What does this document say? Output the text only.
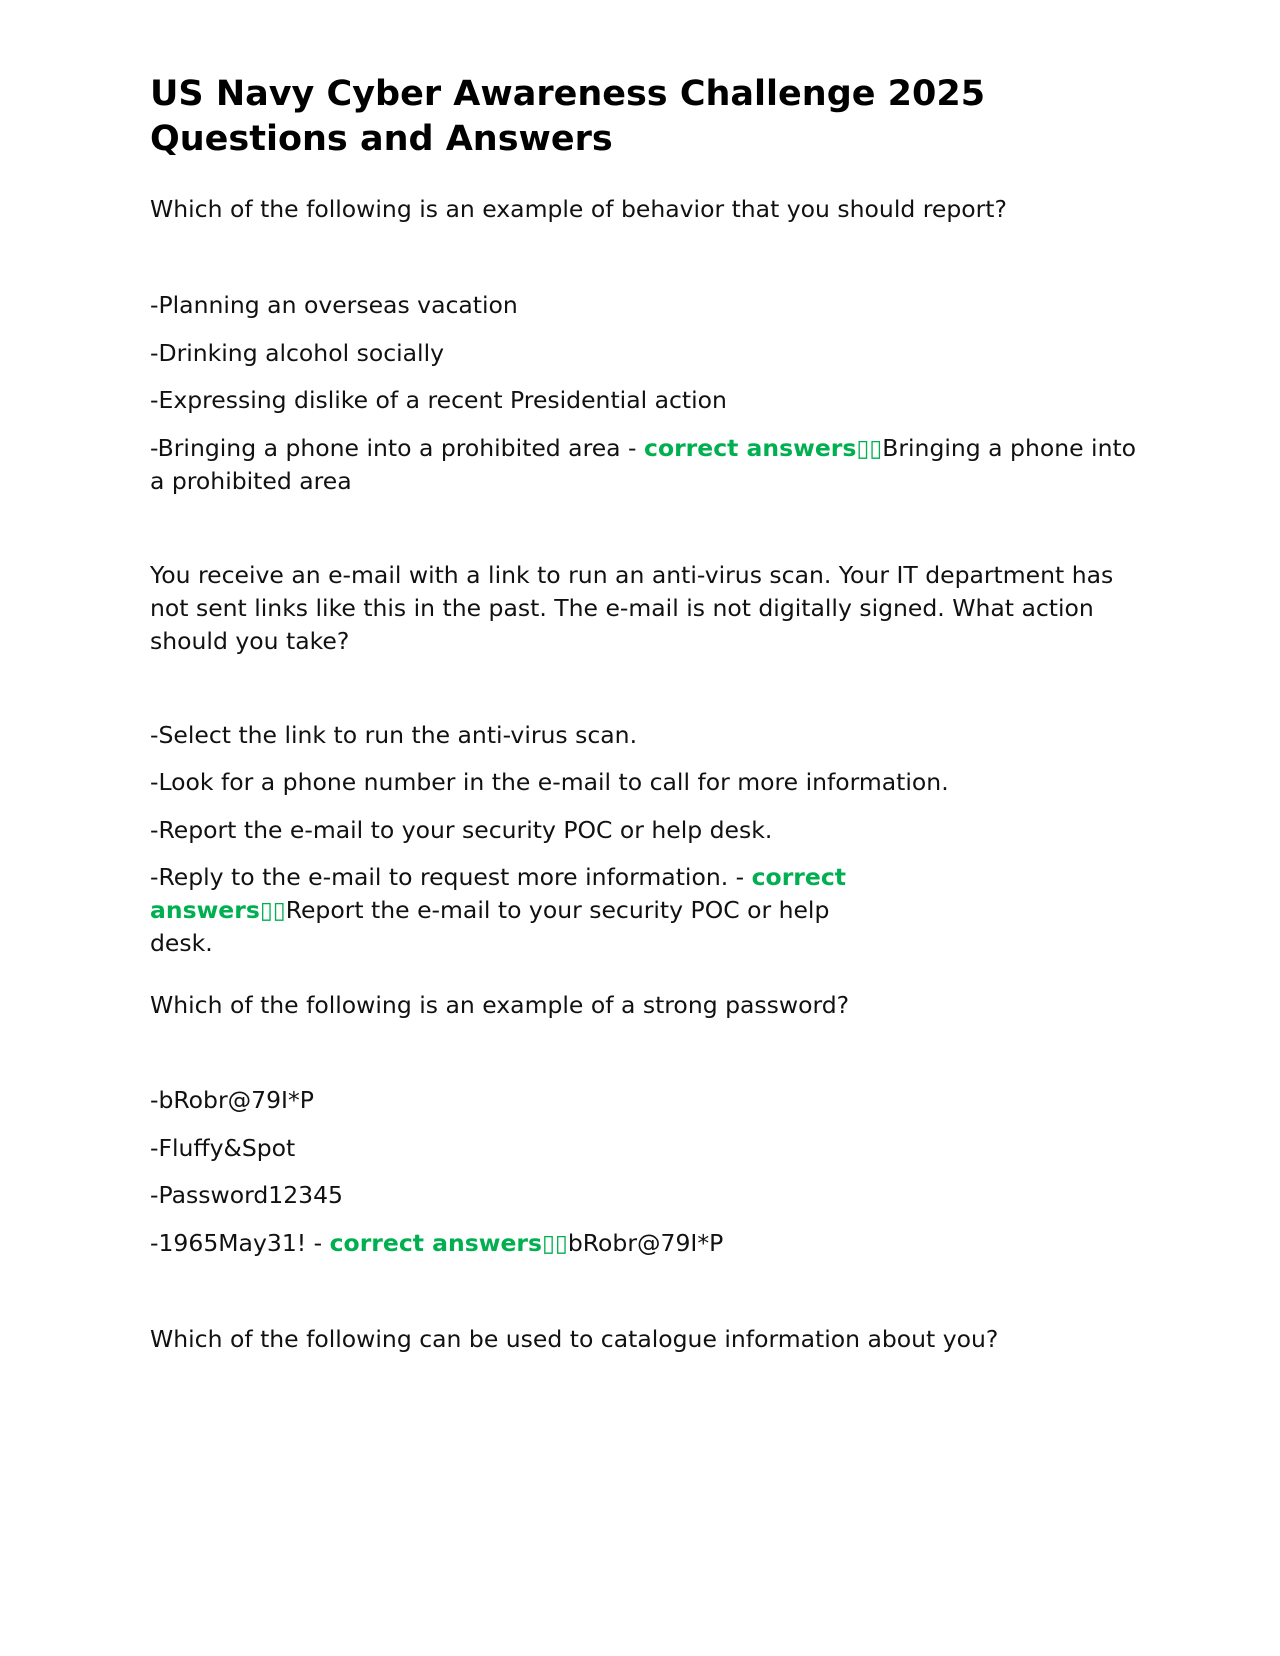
US Navy Cyber Awareness Challenge 2025 Questions and Answers

Which of the following is an example of behavior that you should report?

-Planning an overseas vacation

-Drinking alcohol socially

-Expressing dislike of a recent Presidential action

-Bringing a phone into a prohibited area - correct answers▯▯Bringing a phone into a prohibited area

You receive an e-mail with a link to run an anti-virus scan. Your IT department has not sent links like this in the past. The e-mail is not digitally signed. What action should you take?

-Select the link to run the anti-virus scan.

-Look for a phone number in the e-mail to call for more information.

-Report the e-mail to your security POC or help desk.

-Reply to the e-mail to request more information. - correct answers▯▯Report the e-mail to your security POC or help desk.

Which of the following is an example of a strong password?

-bRobr@79I*P

-Fluffy&Spot

-Password12345

-1965May31! - correct answers▯▯bRobr@79I*P

Which of the following can be used to catalogue information about you?
